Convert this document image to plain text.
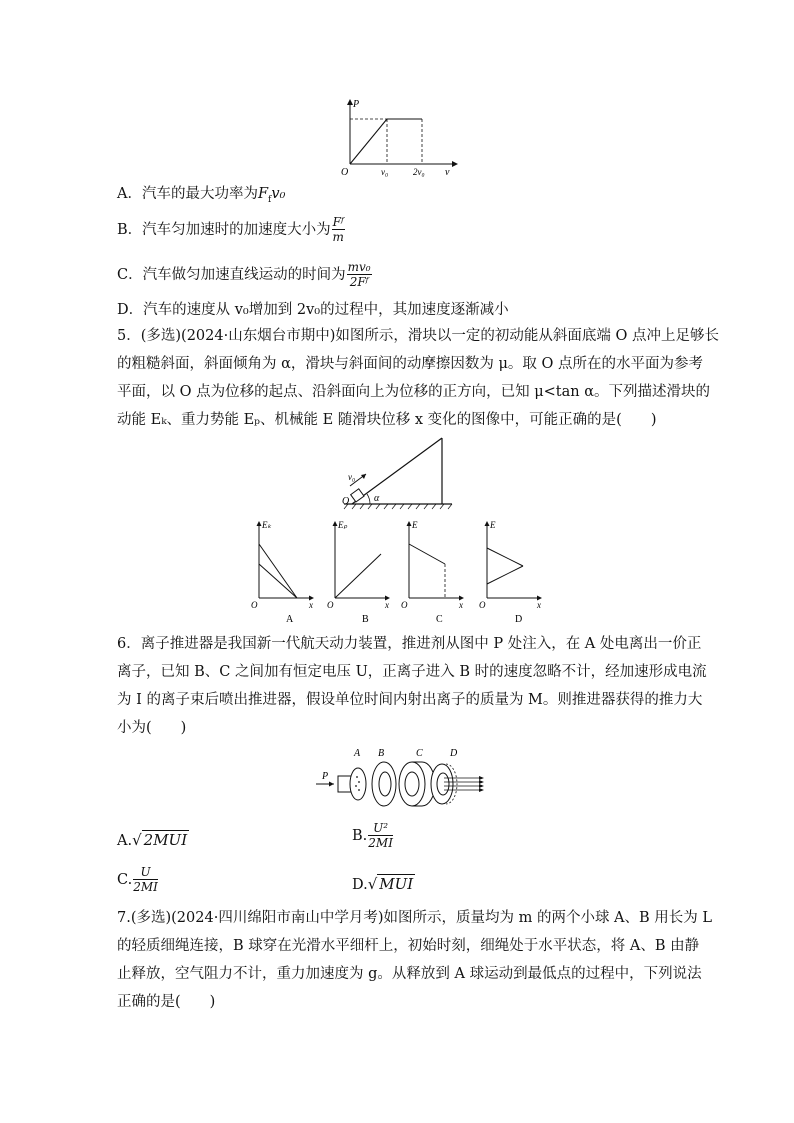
P
O	v₀	2v₀ v
A．汽车的最大功率为$F_fv_0$
B．汽车匀加速时的加速度大小为 $\frac{\text{Fᶠ}}{m}$
C．汽车做匀加速直线运动的时间为 $\frac{\text{mv₀}}{\text{2Fᶠ}}$
D．汽车的速度从 v₀增加到 2v₀的过程中，其加速度逐渐减小
5．(多选)(2024·山东烟台市期中)如图所示，滑块以一定的初动能从斜面底端 O 点冲上足够长
的粗糙斜面，斜面倾角为 α，滑块与斜面间的动摩擦因数为 μ。取 O 点所在的水平面为参考
平面，以 O 点为位移的起点、沿斜面向上为位移的正方向，已知 μ<tan α。下列描述滑块的
动能 Eₖ、重力势能 Eₚ、机械能 E 随滑块位移 x 变化的图像中，可能正确的是(　　)
v₀
O α
Eₖ
O	x
A
Eₚ
O	x
B
E
O	x
C
E
O	x
D
6．离子推进器是我国新一代航天动力装置，推进剂从图中 P 处注入，在 A 处电离出一价正
离子，已知 B、C 之间加有恒定电压 U，正离子进入 B 时的速度忽略不计，经加速形成电流
为 I 的离子束后喷出推进器，假设单位时间内射出离子的质量为 M。则推进器获得的推力大
小为(　　)
P
A B	C	D
A.√ 2MUI	B. $\frac{\text{U²}}{2MI}$
C. $\frac{U}{2MI}$	D.√ MUI
7.(多选)(2024·四川绵阳市南山中学月考)如图所示，质量均为 m 的两个小球 A、B 用长为 L
的轻质细绳连接，B 球穿在光滑水平细杆上，初始时刻，细绳处于水平状态，将 A、B 由静
止释放，空气阻力不计，重力加速度为 g。从释放到 A 球运动到最低点的过程中，下列说法
正确的是(　　)
